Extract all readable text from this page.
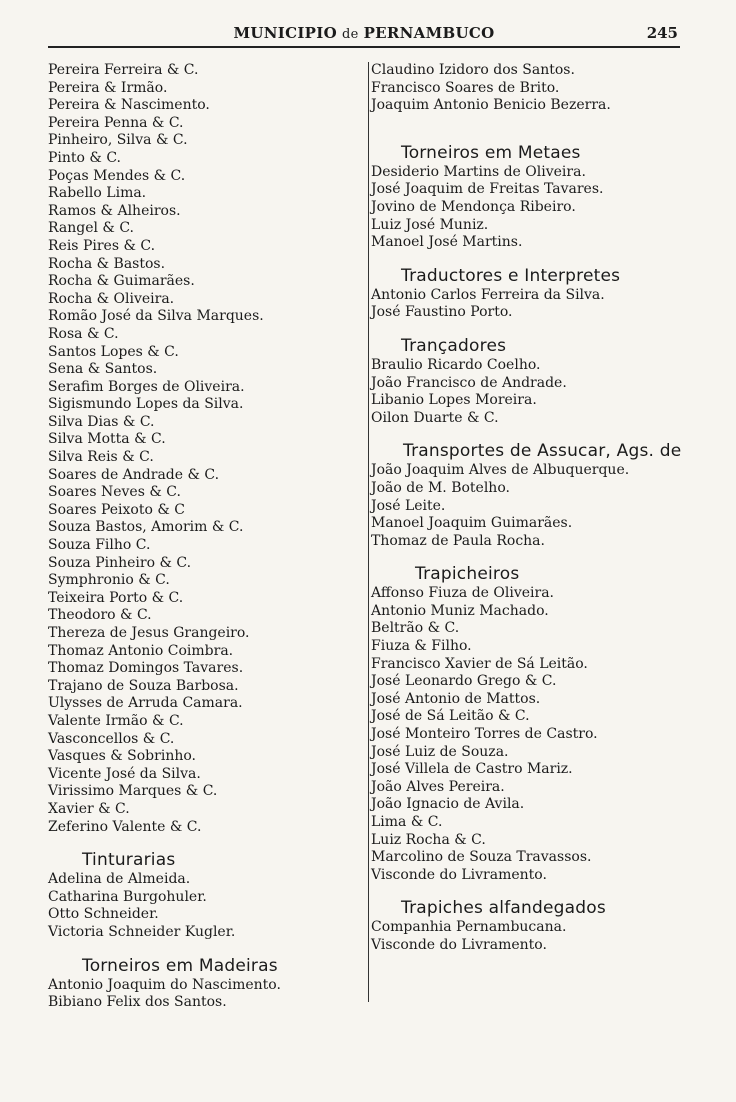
MUNICIPIO de PERNAMBUCO	245
Pereira Ferreira & C.
Pereira & Irmão.
Pereira & Nascimento.
Pereira Penna & C.
Pinheiro, Silva & C.
Pinto & C.
Poças Mendes & C.
Rabello Lima.
Ramos & Alheiros.
Rangel & C.
Reis Pires & C.
Rocha & Bastos.
Rocha & Guimarães.
Rocha & Oliveira.
Romão José da Silva Marques.
Rosa & C.
Santos Lopes & C.
Sena & Santos.
Serafim Borges de Oliveira.
Sigismundo Lopes da Silva.
Silva Dias & C.
Silva Motta & C.
Silva Reis & C.
Soares de Andrade & C.
Soares Neves & C.
Soares Peixoto & C
Souza Bastos, Amorim & C.
Souza Filho C.
Souza Pinheiro & C.
Symphronio & C.
Teixeira Porto & C.
Theodoro & C.
Thereza de Jesus Grangeiro.
Thomaz Antonio Coimbra.
Thomaz Domingos Tavares.
Trajano de Souza Barbosa.
Ulysses de Arruda Camara.
Valente Irmão & C.
Vasconcellos & C.
Vasques & Sobrinho.
Vicente José da Silva.
Virissimo Marques & C.
Xavier & C.
Zeferino Valente & C.
Tinturarias
Adelina de Almeida.
Catharina Burgohuler.
Otto Schneider.
Victoria Schneider Kugler.
Torneiros em Madeiras
Antonio Joaquim do Nascimento.
Bibiano Felix dos Santos.
Claudino Izidoro dos Santos.
Francisco Soares de Brito.
Joaquim Antonio Benicio Bezerra.
Torneiros em Metaes
Desiderio Martins de Oliveira.
José Joaquim de Freitas Tavares.
Jovino de Mendonça Ribeiro.
Luiz José Muniz.
Manoel José Martins.
Traductores e Interpretes
Antonio Carlos Ferreira da Silva.
José Faustino Porto.
Trançadores
Braulio Ricardo Coelho.
João Francisco de Andrade.
Libanio Lopes Moreira.
Oilon Duarte & C.
Transportes de Assucar, Ags. de
João Joaquim Alves de Albuquerque.
João de M. Botelho.
José Leite.
Manoel Joaquim Guimarães.
Thomaz de Paula Rocha.
Trapicheiros
Affonso Fiuza de Oliveira.
Antonio Muniz Machado.
Beltrão & C.
Fiuza & Filho.
Francisco Xavier de Sá Leitão.
José Leonardo Grego & C.
José Antonio de Mattos.
José de Sá Leitão & C.
José Monteiro Torres de Castro.
José Luiz de Souza.
José Villela de Castro Mariz.
João Alves Pereira.
João Ignacio de Avila.
Lima & C.
Luiz Rocha & C.
Marcolino de Souza Travassos.
Visconde do Livramento.
Trapiches alfandegados
Companhia Pernambucana.
Visconde do Livramento.
